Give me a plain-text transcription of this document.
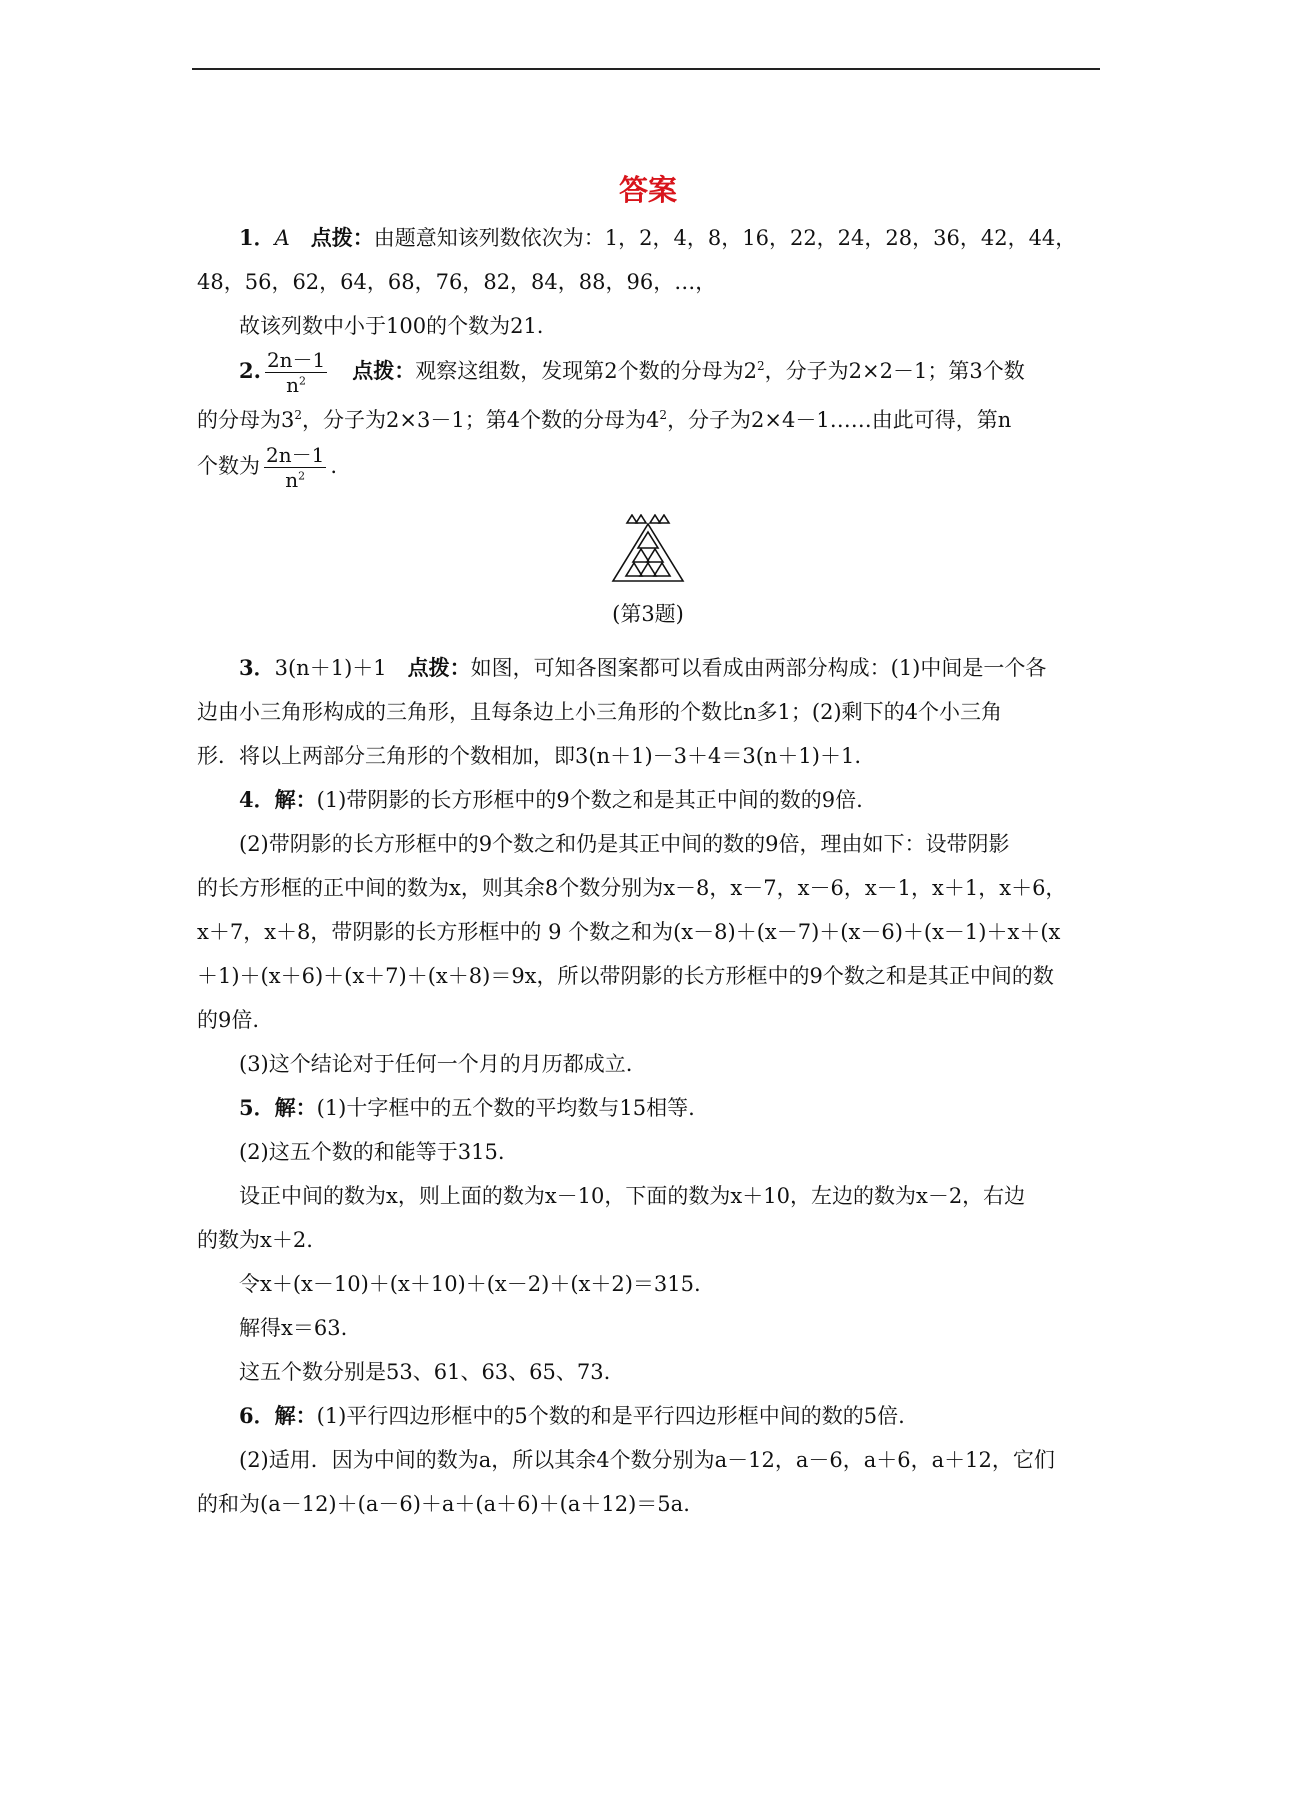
答案

1．A　 点拨：由题意知该列数依次为：1，2，4，8，16，22，24，28，36，42，44，

48，56，62，64，68，76，82，84，88，96，…，

故该列数中小于100的个数为21.

2. $\frac{2n-1}{n^2}$
　 点拨：观察这组数，发现第2个数的分母为$2^2$，分子为2×2－1；第3个数

的分母为$3^2$，分子为2×3－1；第4个数的分母为$4^2$，分子为2×4－1……由此可得，第n

个数为 $\frac{2n-1}{n^2}$ .

(第3题)

3．3(n＋1)＋1　 点拨：如图，可知各图案都可以看成由两部分构成：(1)中间是一个各

边由小三角形构成的三角形，且每条边上小三角形的个数比n多1；(2)剩下的4个小三角

形．将以上两部分三角形的个数相加，即3(n＋1)－3＋4＝3(n＋1)＋1.

4．解：(1)带阴影的长方形框中的9个数之和是其正中间的数的9倍.

(2)带阴影的长方形框中的9个数之和仍是其正中间的数的9倍，理由如下：设带阴影

的长方形框的正中间的数为x，则其余8个数分别为x－8，x－7，x－6，x－1，x＋1，x＋6，

x＋7，x＋8，带阴影的长方形框中的 9 个数之和为(x－8)＋(x－7)＋(x－6)＋(x－1)＋x＋(x

＋1)＋(x＋6)＋(x＋7)＋(x＋8)＝9x，所以带阴影的长方形框中的9个数之和是其正中间的数

的9倍.

(3)这个结论对于任何一个月的月历都成立.

5．解：(1)十字框中的五个数的平均数与15相等.

(2)这五个数的和能等于315.

设正中间的数为x，则上面的数为x－10，下面的数为x＋10，左边的数为x－2，右边

的数为x＋2.

令x＋(x－10)＋(x＋10)＋(x－2)＋(x＋2)＝315.

解得x＝63.

这五个数分别是53、61、63、65、73.

6．解：(1)平行四边形框中的5个数的和是平行四边形框中间的数的5倍.

(2)适用．因为中间的数为a，所以其余4个数分别为a－12，a－6，a＋6，a＋12，它们

的和为(a－12)＋(a－6)＋a＋(a＋6)＋(a＋12)＝5a.
